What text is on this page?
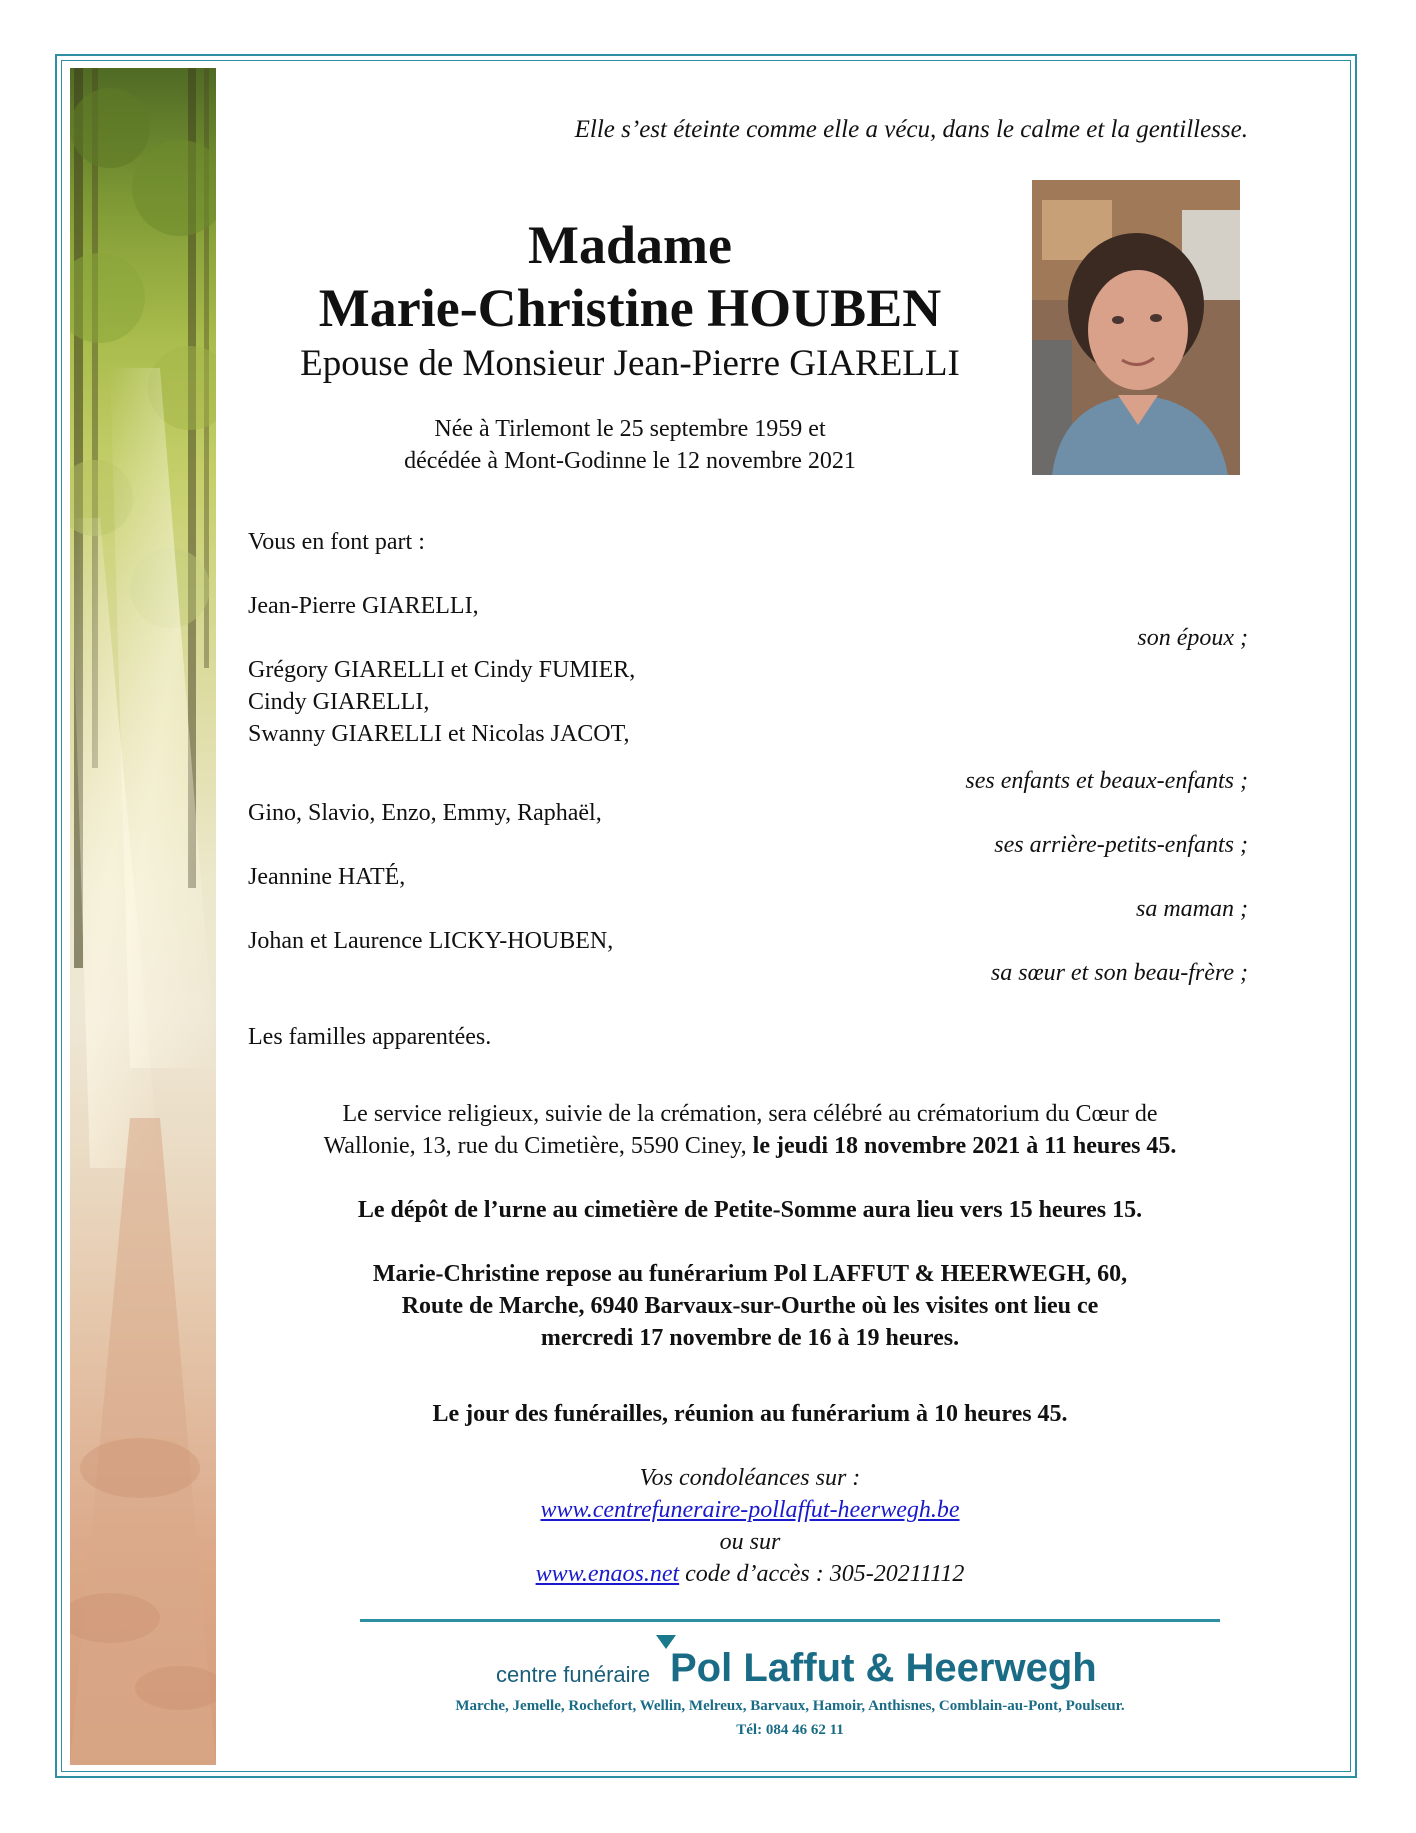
Elle s’est éteinte comme elle a vécu, dans le calme et la gentillesse.
Madame
Marie-Christine HOUBEN
Epouse de Monsieur Jean-Pierre GIARELLI
Née à Tirlemont le 25 septembre 1959 et
décédée à Mont-Godinne le 12 novembre 2021
Vous en font part :
Jean-Pierre GIARELLI,
son époux ;
Grégory GIARELLI et Cindy FUMIER,
Cindy GIARELLI,
Swanny GIARELLI et Nicolas JACOT,
ses enfants et beaux-enfants ;
Gino, Slavio, Enzo, Emmy, Raphaël,
ses arrière-petits-enfants ;
Jeannine HATÉ,
sa maman ;
Johan et Laurence LICKY-HOUBEN,
sa sœur et son beau-frère ;
Les familles apparentées.
Le service religieux, suivie de la crémation, sera célébré au crématorium du Cœur de
Wallonie, 13, rue du Cimetière, 5590 Ciney, le jeudi 18 novembre 2021 à 11 heures 45.
Le dépôt de l’urne au cimetière de Petite-Somme aura lieu vers 15 heures 15.
Marie-Christine repose au funérarium Pol LAFFUT & HEERWEGH, 60,
Route de Marche, 6940 Barvaux-sur-Ourthe où les visites ont lieu ce
mercredi 17 novembre de 16 à 19 heures.
Le jour des funérailles, réunion au funérarium à 10 heures 45.
Vos condoléances sur :
www.centrefuneraire-pollaffut-heerwegh.be
ou sur
www.enaos.net code d’accès : 305-20211112
centre funéraire Pol Laffut & Heerwegh
Marche, Jemelle, Rochefort, Wellin, Melreux, Barvaux, Hamoir, Anthisnes, Comblain-au-Pont, Poulseur.
Tél: 084 46 62 11
